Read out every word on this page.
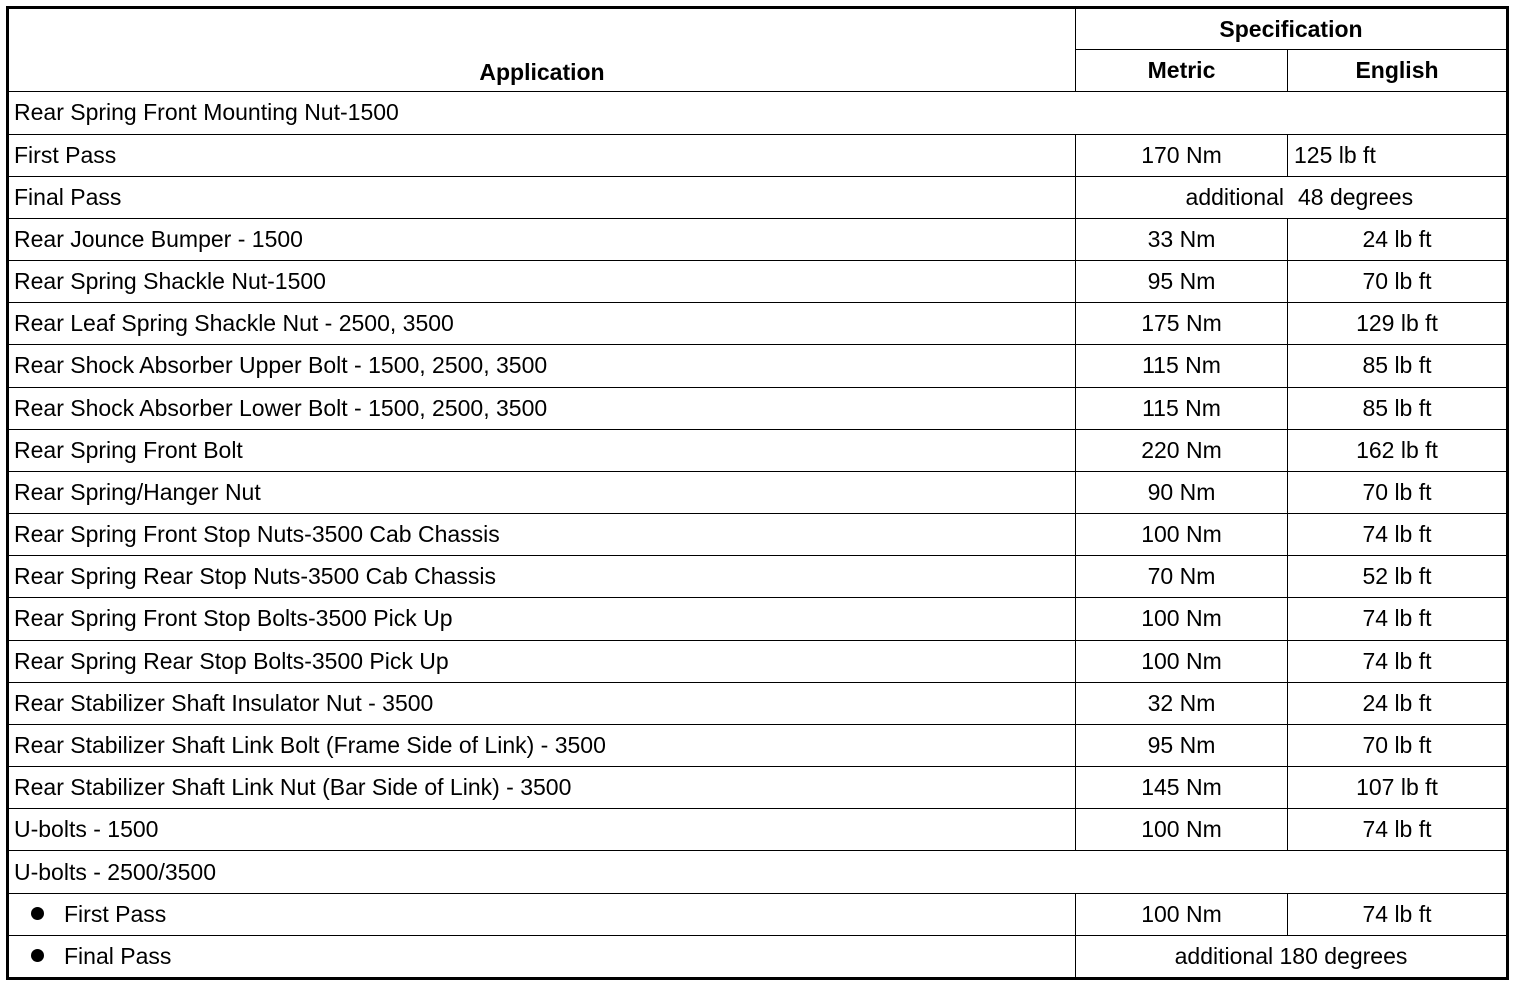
Application	Specification	
	Metric	English
Rear Spring Front Mounting Nut-1500		
First Pass	170 Nm	125 lb ft
Final Pass	additional 48 degrees	
Rear Jounce Bumper - 1500	33 Nm	24 lb ft
Rear Spring Shackle Nut-1500	95 Nm	70 lb ft
Rear Leaf Spring Shackle Nut - 2500, 3500	175 Nm	129 lb ft
Rear Shock Absorber Upper Bolt - 1500, 2500, 3500	115 Nm	85 lb ft
Rear Shock Absorber Lower Bolt - 1500, 2500, 3500	115 Nm	85 lb ft
Rear Spring Front Bolt	220 Nm	162 lb ft
Rear Spring/Hanger Nut	90 Nm	70 lb ft
Rear Spring Front Stop Nuts-3500 Cab Chassis	100 Nm	74 lb ft
Rear Spring Rear Stop Nuts-3500 Cab Chassis	70 Nm	52 lb ft
Rear Spring Front Stop Bolts-3500 Pick Up	100 Nm	74 lb ft
Rear Spring Rear Stop Bolts-3500 Pick Up	100 Nm	74 lb ft
Rear Stabilizer Shaft Insulator Nut - 3500	32 Nm	24 lb ft
Rear Stabilizer Shaft Link Bolt (Frame Side of Link) - 3500	95 Nm	70 lb ft
Rear Stabilizer Shaft Link Nut (Bar Side of Link) - 3500	145 Nm	107 lb ft
U-bolts - 1500	100 Nm	74 lb ft
U-bolts - 2500/3500		
First Pass	100 Nm	74 lb ft
Final Pass	additional 180 degrees	
